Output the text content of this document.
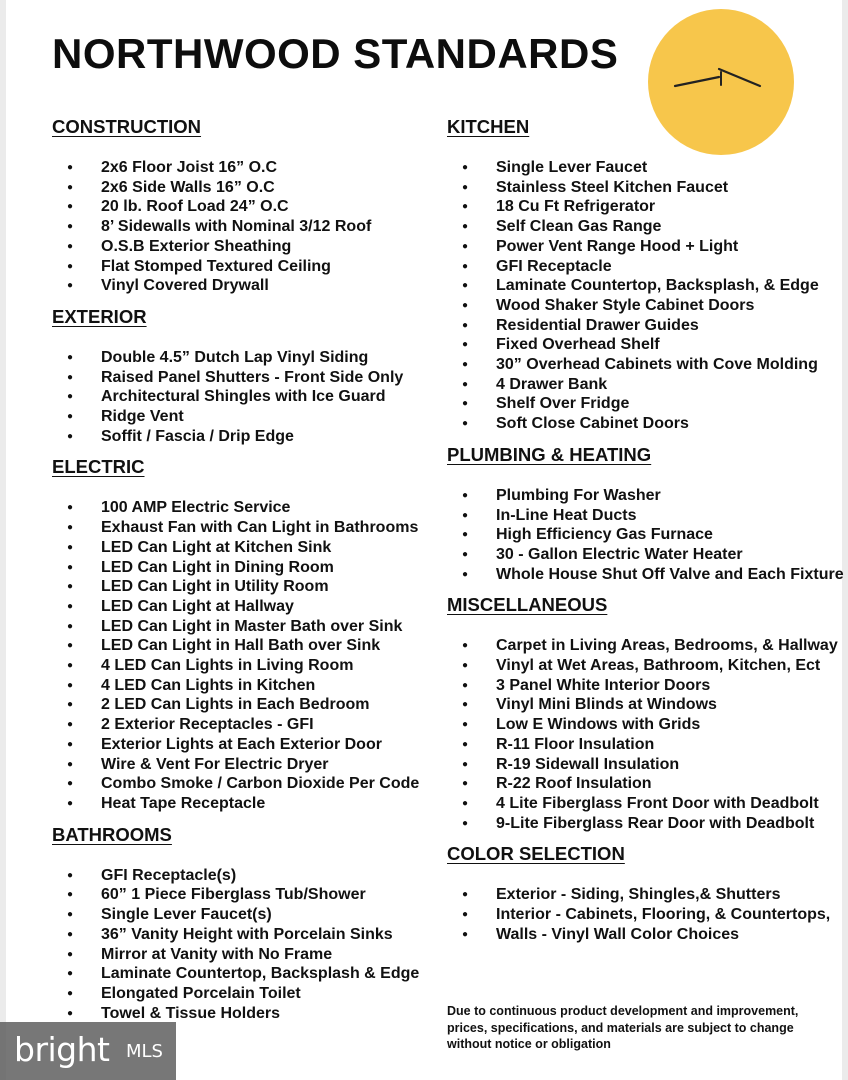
NORTHWOOD STANDARDS
CONSTRUCTION
● 2x6 Floor Joist 16” O.C
● 2x6 Side Walls 16” O.C
● 20 lb. Roof Load 24” O.C
● 8’ Sidewalls with Nominal 3/12 Roof
● O.S.B Exterior Sheathing
● Flat Stomped Textured Ceiling
● Vinyl Covered Drywall
EXTERIOR
● Double 4.5” Dutch Lap Vinyl Siding
● Raised Panel Shutters - Front Side Only
● Architectural Shingles with Ice Guard
● Ridge Vent
● Soffit / Fascia / Drip Edge
ELECTRIC
● 100 AMP Electric Service
● Exhaust Fan with Can Light in Bathrooms
● LED Can Light at Kitchen Sink
● LED Can Light in Dining Room
● LED Can Light in Utility Room
● LED Can Light at Hallway
● LED Can Light in Master Bath over Sink
● LED Can Light in Hall Bath over Sink
● 4 LED Can Lights in Living Room
● 4 LED Can Lights in Kitchen
● 2 LED Can Lights in Each Bedroom
● 2 Exterior Receptacles - GFI
● Exterior Lights at Each Exterior Door
● Wire & Vent For Electric Dryer
● Combo Smoke / Carbon Dioxide Per Code
● Heat Tape Receptacle
BATHROOMS
● GFI Receptacle(s)
● 60” 1 Piece Fiberglass Tub/Shower
● Single Lever Faucet(s)
● 36” Vanity Height with Porcelain Sinks
● Mirror at Vanity with No Frame
● Laminate Countertop, Backsplash & Edge
● Elongated Porcelain Toilet
● Towel & Tissue Holders
KITCHEN
● Single Lever Faucet
● Stainless Steel Kitchen Faucet
● 18 Cu Ft Refrigerator
● Self Clean Gas Range
● Power Vent Range Hood + Light
● GFI Receptacle
● Laminate Countertop, Backsplash, & Edge
● Wood Shaker Style Cabinet Doors
● Residential Drawer Guides
● Fixed Overhead Shelf
● 30” Overhead Cabinets with Cove Molding
● 4 Drawer Bank
● Shelf Over Fridge
● Soft Close Cabinet Doors
PLUMBING & HEATING
● Plumbing For Washer
● In-Line Heat Ducts
● High Efficiency Gas Furnace
● 30 - Gallon Electric Water Heater
● Whole House Shut Off Valve and Each Fixture
MISCELLANEOUS
● Carpet in Living Areas, Bedrooms, & Hallway
● Vinyl at Wet Areas, Bathroom, Kitchen, Ect
● 3 Panel White Interior Doors
● Vinyl Mini Blinds at Windows
● Low E Windows with Grids
● R-11 Floor Insulation
● R-19 Sidewall Insulation
● R-22 Roof Insulation
● 4 Lite Fiberglass Front Door with Deadbolt
● 9-Lite Fiberglass Rear Door with Deadbolt
COLOR SELECTION
● Exterior - Siding, Shingles,& Shutters
● Interior - Cabinets, Flooring, & Countertops,
● Walls - Vinyl Wall Color Choices

Due to continuous product development and improvement, prices, specifications, and materials are subject to change without notice or obligation

bright MLS
